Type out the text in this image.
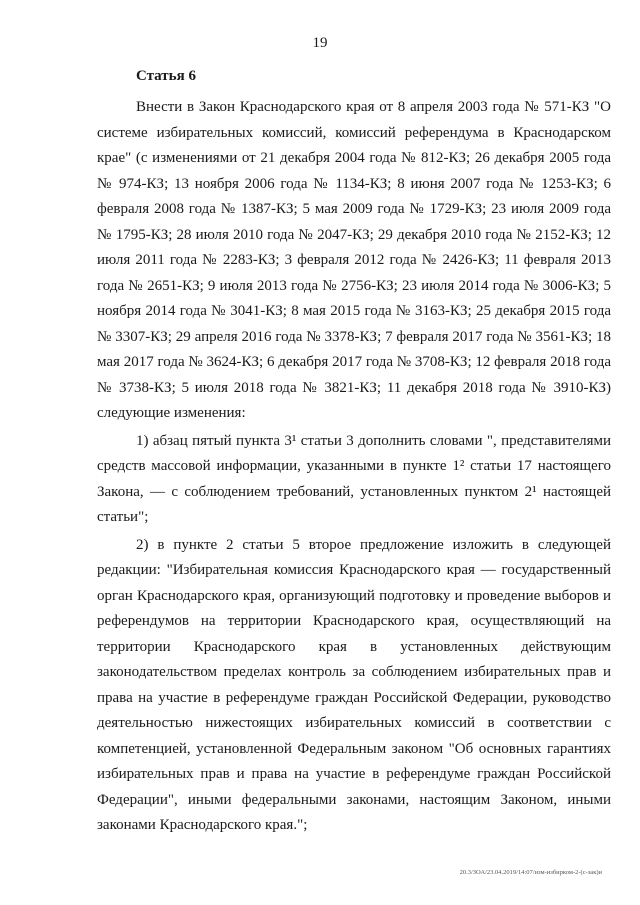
19
Статья 6

Внести в Закон Краснодарского края от 8 апреля 2003 года № 571-КЗ "О системе избирательных комиссий, комиссий референдума в Краснодарском крае" (с изменениями от 21 декабря 2004 года № 812-КЗ; 26 декабря 2005 года № 974-КЗ; 13 ноября 2006 года № 1134-КЗ; 8 июня 2007 года № 1253-КЗ; 6 февраля 2008 года № 1387-КЗ; 5 мая 2009 года № 1729-КЗ; 23 июля 2009 года № 1795-КЗ; 28 июля 2010 года № 2047-КЗ; 29 декабря 2010 года № 2152-КЗ; 12 июля 2011 года № 2283-КЗ; 3 февраля 2012 года № 2426-КЗ; 11 февраля 2013 года № 2651-КЗ; 9 июля 2013 года № 2756-КЗ; 23 июля 2014 года № 3006-КЗ; 5 ноября 2014 года № 3041-КЗ; 8 мая 2015 года № 3163-КЗ; 25 декабря 2015 года № 3307-КЗ; 29 апреля 2016 года № 3378-КЗ; 7 февраля 2017 года № 3561-КЗ; 18 мая 2017 года № 3624-КЗ; 6 декабря 2017 года № 3708-КЗ; 12 февраля 2018 года № 3738-КЗ; 5 июля 2018 года № 3821-КЗ; 11 декабря 2018 года № 3910-КЗ) следующие изменения:

1) абзац пятый пункта 3¹ статьи 3 дополнить словами ", представителями средств массовой информации, указанными в пункте 1² статьи 17 настоящего Закона, — с соблюдением требований, установленных пунктом 2¹ настоящей статьи";

2) в пункте 2 статьи 5 второе предложение изложить в следующей редакции: "Избирательная комиссия Краснодарского края — государственный орган Краснодарского края, организующий подготовку и проведение выборов и референдумов на территории Краснодарского края, осуществляющий на территории Краснодарского края в установленных действующим законодательством пределах контроль за соблюдением избирательных прав и права на участие в референдуме граждан Российской Федерации, руководство деятельностью нижестоящих избирательных комиссий в соответствии с компетенцией, установленной Федеральным законом "Об основных гарантиях избирательных прав и права на участие в референдуме граждан Российской Федерации", иными федеральными законами, настоящим Законом, иными законами Краснодарского края.";

20.3/ЗОА/23.04.2019/14:07/изм-избирком-2-(с-зак)и
